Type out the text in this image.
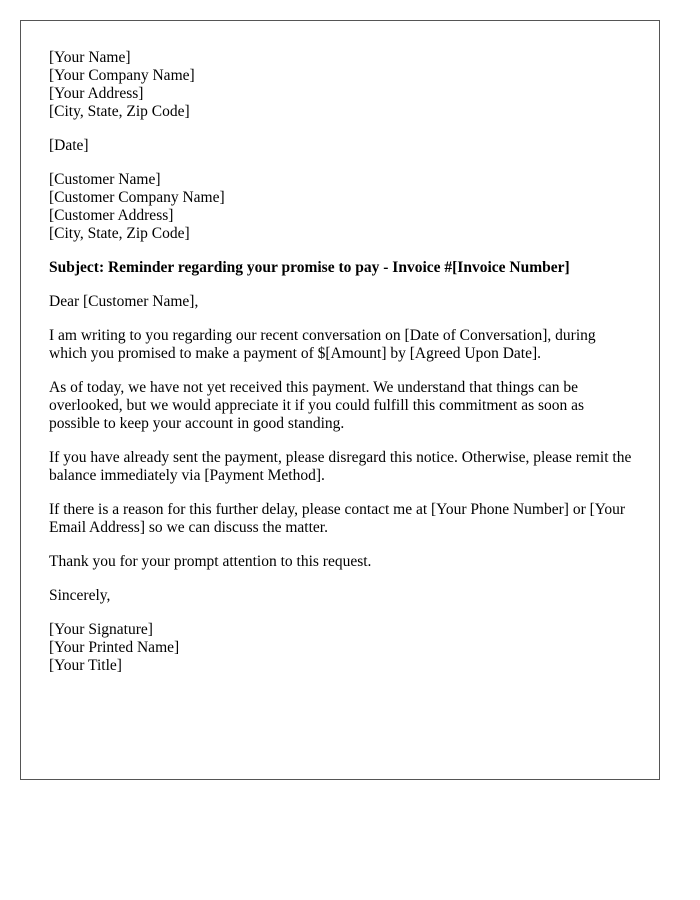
[Your Name]
[Your Company Name]
[Your Address]
[City, State, Zip Code]
[Date]
[Customer Name]
[Customer Company Name]
[Customer Address]
[City, State, Zip Code]

Subject: Reminder regarding your promise to pay - Invoice #[Invoice Number]

Dear [Customer Name],

I am writing to you regarding our recent conversation on [Date of Conversation], during which you promised to make a payment of $[Amount] by [Agreed Upon Date].

As of today, we have not yet received this payment. We understand that things can be overlooked, but we would appreciate it if you could fulfill this commitment as soon as possible to keep your account in good standing.

If you have already sent the payment, please disregard this notice. Otherwise, please remit the balance immediately via [Payment Method].

If there is a reason for this further delay, please contact me at [Your Phone Number] or [Your Email Address] so we can discuss the matter.

Thank you for your prompt attention to this request.

Sincerely,

[Your Signature]
[Your Printed Name]
[Your Title]
